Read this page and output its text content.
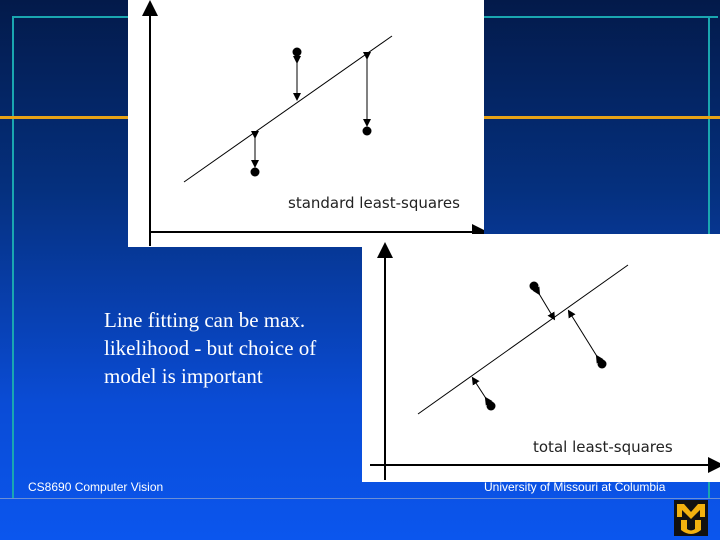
standard least-squares
total least-squares
Line fitting can be max.
likelihood - but choice of
model is important
CS8690 Computer Vision	University of Missouri at Columbia
